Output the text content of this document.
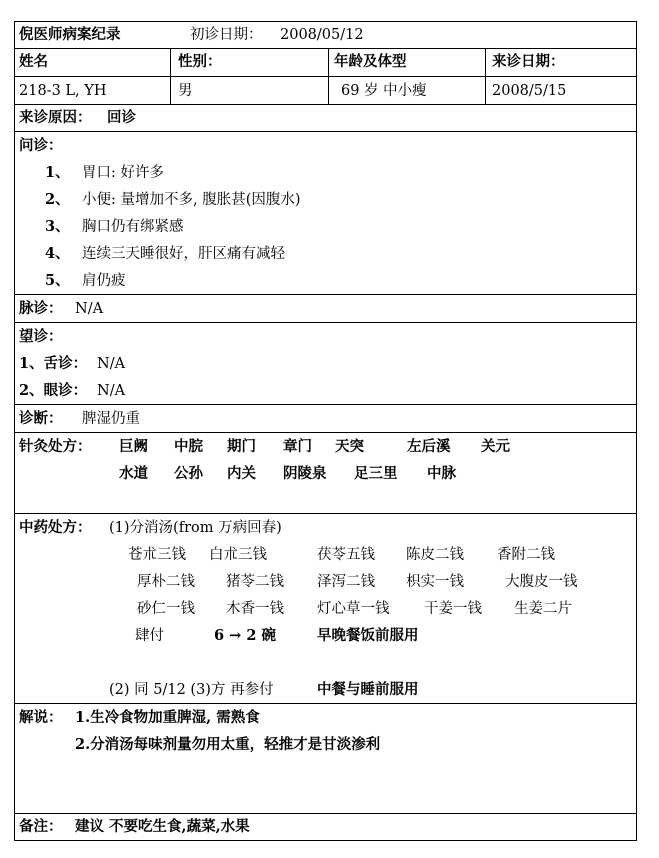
倪医师病案纪录	初诊日期： 2008/05/12
姓名	性别：	年龄及体型	来诊日期：
218-3 L, YH	男	69 岁 中小瘦	2008/5/15
来诊原因： 回诊
问诊：
1、 胃口: 好许多
2、 小便: 量增加不多, 腹胀甚(因腹水)
3、 胸口仍有绑紧感
4、 连续三天睡很好，肝区痛有减轻
5、 肩仍疲
脉诊： N/A
望诊：
1、舌诊： N/A
2、眼诊： N/A
诊断： 脾湿仍重
针灸处方： 巨阙 中脘 期门 章门 天突	左后溪 关元
水道 公孙 内关 阴陵泉 足三里 中脉
中药处方： (1)分消汤(from 万病回春)
苍朮三钱 白朮三钱	茯苓五钱 陈皮二钱 香附二钱
厚朴二钱 猪苓二钱 泽泻二钱 枳实一钱	大腹皮一钱
砂仁一钱 木香一钱 灯心草一钱 干姜一钱 生姜二片
肆付	6 → 2 碗	早晚餐饭前服用
(2) 同 5/12 (3)方 再参付	中餐与睡前服用
解说： 1.生冷食物加重脾湿, 需熟食
2.分消汤每味剂量勿用太重，轻推才是甘淡渗利
备注： 建议 不要吃生食,蔬菜,水果
